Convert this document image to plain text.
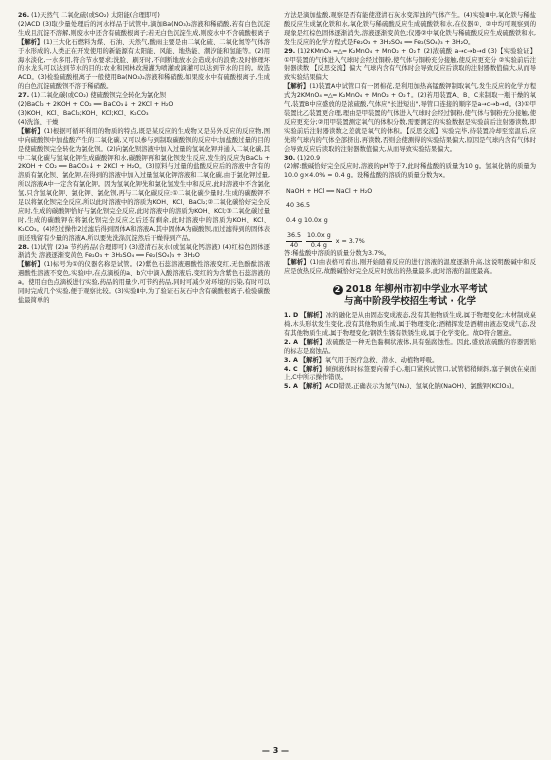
26. (1)天然气 二氧化硫(或SO₂) 太阳能(合理即可)

(2)ACD (3)取少量处理后的河水样品于试管中,滴加Ba(NO₃)₂溶液和稀硝酸,若有白色沉淀生成且沉淀不溶解,则废水中还含有硫酸根离子;若无白色沉淀生成,则废水中不含硫酸根离子

【解析】(1)三大化石燃料为煤、石油、天然气,酸雨主要是由二氧化硫、二氧化氮等气体溶于水形成的,人类正在开发使用的新能源有太阳能、风能、地热能、潮汐能和氢能等。(2)用海水淡化,一水多用,符合节水要求;洗脸、刷牙时,不间断地放水会造成水的浪费;及时修理坏的水龙头可以达到节水的目的;农业和园林改漫灌为喷灌或滴灌可以达到节水的目的。故选ACD。(3)检验硫酸根离子一般使用Ba(NO₃)₂溶液和稀硝酸,如果废水中有硫酸根离子,生成的白色沉淀硫酸钡不溶于稀硝酸。

27. (1)二氧化碳(或CO₂) 使硫酸钡完全转化为氯化钡

(2)BaCl₂ + 2KOH + CO₂ ══ BaCO₃↓ + 2KCl + H₂O

(3)KOH、KCl、BaCl₂;KOH、KCl;KCl、K₂CO₃

(4)洗涤、干燥

【解析】(1)根据可循环利用的物质的特点,既是某反应的生成物又是另外反应的反应物,图中向硫酸钡中加盐酸产生的二氧化碳,又可以参与到制取碳酸钡的反应中;加盐酸过量的目的是使硫酸钡完全转化为氯化钡。(2)向氯化钡溶液中加入过量的氢氧化钾并通入二氧化碳,其中二氧化碳与氢氧化钾生成碳酸钾和水,碳酸钾再和氯化钡发生反应,发生的反应为BaCl₂ + 2KOH + CO₂ ══ BaCO₃↓ + 2KCl + H₂O。(3)原料与过量的盐酸反应后的溶液中含有的溶质有氯化钡、氯化钾,在得到的溶液中加入过量氢氧化钾溶液和二氧化碳,由于氯化钾过量,所以溶液A中一定含有氯化钾。因为氢氧化钾先和氯化氢发生中和反应,此时溶液中不含氯化氢,只含氢氧化钾、氯化钾、氯化钡,再与二氧化碳反应:①二氧化碳少量时,生成的碳酸钾不足以将氯化钡完全反应,所以此时溶液中的溶质为KOH、KCl、BaCl₂;②二氧化碳恰好完全反应时,生成的碳酸钾恰好与氯化钡完全反应,此时溶液中的溶质为KOH、KCl;③二氧化碳过量时,生成的碳酸钾在将氯化钡完全反应之后还有剩余,此时溶液中的溶质为KOH、KCl、K₂CO₃。(4)经过操作2过滤后得到固体A和溶液A,其中固体A为碳酸钡,而过滤得到的固体表面还残留有少量的溶液A,所以要先洗涤沉淀然后干燥得到产品。

28. (1)试管 (2)a 节约药品(合理即可) (3)澄清石灰水(或氢氧化钙溶液) (4)红棕色固体逐渐消失 溶液逐渐变黄色 Fe₂O₃ + 3H₂SO₄ ══ Fe₂(SO₄)₃ + 3H₂O

【解析】(1)标号为①的仪器名称是试管。(2)紫色石蕊溶液遇酸性溶液变红,无色酚酞溶液遇酸性溶液不变色,实验Ⅰ中,在点滴板的a、b穴中滴入酸溶液后,变红的为含紫色石蕊溶液的a。使用白色点滴板进行实验,药品的用量少,可节约药品,同时可减少对环境的污染,有时可以同时完成几个实验,便于观察比较。(3)实验Ⅱ中,为了验证石灰石中含有碳酸根离子,检验碳酸盐最简单的

方法是滴加盐酸,观察是否有能使澄清石灰水变浑浊的气体产生。(4)实验Ⅲ中,氧化铁与稀盐酸反应生成氯化铁和水,氧化铁与稀硫酸反应生成硫酸铁和水,在仪器①、②中均可观察到的现象是红棕色固体逐渐消失,溶液逐渐变黄色;仪器②中氧化铁与稀硫酸反应生成硫酸铁和水,发生反应的化学方程式是Fe₂O₃ + 3H₂SO₄ ══ Fe₂(SO₄)₃ + 3H₂O。

29. (1)2KMnO₄ ═△═ K₂MnO₄ + MnO₂ + O₂↑ (2)浓硫酸 a→c→b→d (3)【实验验证】①甲装置的气体进入气球时会经过铜粉,使气体与铜粉充分接触,使反应更充分 ②实验前后注射器读数 【反思交流】偏大 气球内含有气体时会导致反应后读取的注射器数值偏大,从而导致实验结果偏大

【解析】(1)装置A中试管口有一团棉花,是利用加热高锰酸钾制取氧气,发生反应的化学方程式为2KMnO₄ ═△═ K₂MnO₄ + MnO₂ + O₂↑。(2)若用装置A、B、C来制取一瓶干燥的氧气,装置B中应盛放的是浓硫酸,气体应"长进短出",导管口连接的顺序是a→c→b→d。(3)①甲装置比乙装置更合理,理由是甲装置的气体进入气球时会经过铜粉,使气体与铜粉充分接触,使反应更充分;②用甲装置测定氧气的体积分数,需要测定的实验数据是实验前后注射器读数,即实验前后注射器读数之差就是氧气的体积。【反思交流】实验完毕,待装置冷却至室温后,应先将气球内的气体全部挤出,再读数,否则会使测得的实验结果偏大,原因是气球内含有气体时会导致反应后读取的注射器数值偏大,从而导致实验结果偏大。

30. (1)20.9

(2)解:酸碱恰好完全反应时,溶液的pH等于7,此时稀盐酸的质量为10 g。氢氧化钠的质量为10.0 g×4.0% = 0.4 g。设稀盐酸的溶质的质量分数为x。

NaOH + HCl ══ NaCl + H₂O

40 36.5

0.4 g 10.0x g

$\frac{36.5}{40} \frac{\text{10.0x g}}{0.4 g}$ x = 3.7%

答:稀盐酸中溶质的质量分数为3.7%。

【解析】(1)由表格可看出,刚开始随着反应的进行溶液的温度逐渐升高,这说明酸碱中和反应是放热反应,故酸碱恰好完全反应时放出的热量最多,此时溶液的温度最高。

2 2018 年柳州市初中学业水平考试
与高中阶段学校招生考试 · 化学

1. D 【解析】冰的融化是从由固态变成液态,没有其他物质生成,属于物理变化;木材制成桌椅,木头形状发生变化,没有其他物质生成,属于物理变化;酒精挥发是酒精由液态变成气态,没有其他物质生成,属于物理变化;钢铁生锈有铁锈生成,属于化学变化。故D符合题意。

2. A 【解析】浓硫酸是一种无色黏稠状液体,具有强腐蚀性。因此,盛放浓硫酸的容器需贴的标志是腐蚀品。

3. A 【解析】氧气用于医疗急救、潜水、动植物呼吸。

4. C 【解析】倾倒液体时标签要向着手心,瓶口紧挨试管口,试管稍稍倾斜,塞子倒放在桌面上,C中所示操作错误。

5. A 【解析】ACD错误,正确表示为氮气(N₂)、氢氧化钠(NaOH)、氯酸钾(KClO₃)。

— 3 —
